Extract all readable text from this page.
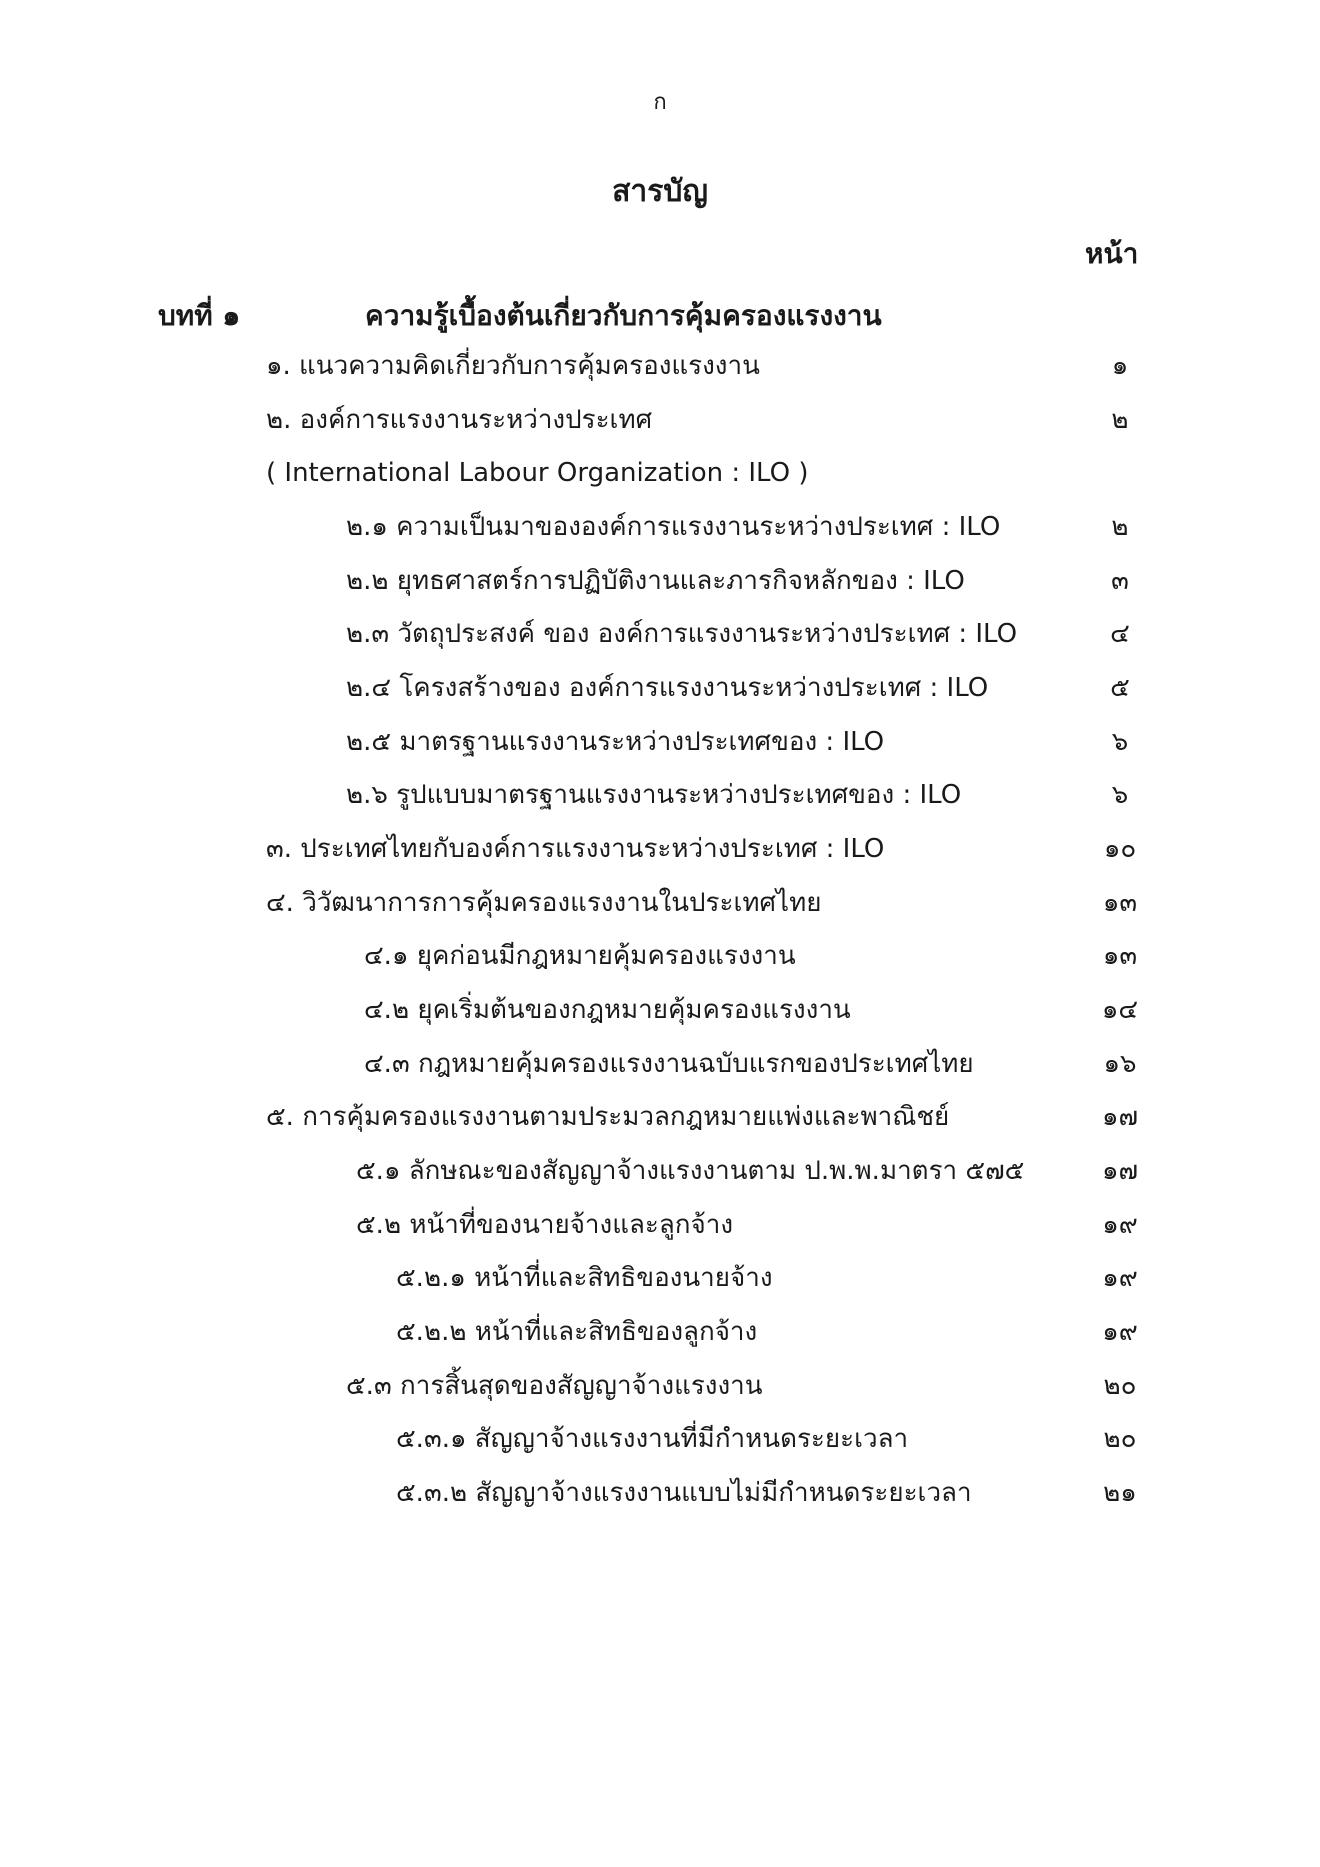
ก
สารบัญ
หน้า
บทที่ ๑	ความรู้เบื้องต้นเกี่ยวกับการคุ้มครองแรงงาน
๑. แนวความคิดเกี่ยวกับการคุ้มครองแรงงาน	๑
๒. องค์การแรงงานระหว่างประเทศ	๒
( International Labour Organization : ILO )
๒.๑ ความเป็นมาขององค์การแรงงานระหว่างประเทศ : ILO	๒
๒.๒ ยุทธศาสตร์การปฏิบัติงานและภารกิจหลักของ : ILO	๓
๒.๓ วัตถุประสงค์ ของ องค์การแรงงานระหว่างประเทศ : ILO	๔
๒.๔ โครงสร้างของ องค์การแรงงานระหว่างประเทศ : ILO	๕
๒.๕ มาตรฐานแรงงานระหว่างประเทศของ : ILO	๖
๒.๖ รูปแบบมาตรฐานแรงงานระหว่างประเทศของ : ILO	๖
๓. ประเทศไทยกับองค์การแรงงานระหว่างประเทศ : ILO	๑๐
๔. วิวัฒนาการการคุ้มครองแรงงานในประเทศไทย	๑๓
๔.๑ ยุคก่อนมีกฎหมายคุ้มครองแรงงาน	๑๓
๔.๒ ยุคเริ่มต้นของกฎหมายคุ้มครองแรงงาน	๑๔
๔.๓ กฎหมายคุ้มครองแรงงานฉบับแรกของประเทศไทย	๑๖
๕. การคุ้มครองแรงงานตามประมวลกฎหมายแพ่งและพาณิชย์	๑๗
๕.๑ ลักษณะของสัญญาจ้างแรงงานตาม ป.พ.พ.มาตรา ๕๗๕	๑๗
๕.๒ หน้าที่ของนายจ้างและลูกจ้าง	๑๙
๕.๒.๑ หน้าที่และสิทธิของนายจ้าง	๑๙
๕.๒.๒ หน้าที่และสิทธิของลูกจ้าง	๑๙
๕.๓ การสิ้นสุดของสัญญาจ้างแรงงาน	๒๐
๕.๓.๑ สัญญาจ้างแรงงานที่มีกำหนดระยะเวลา	๒๐
๕.๓.๒ สัญญาจ้างแรงงานแบบไม่มีกำหนดระยะเวลา	๒๑
